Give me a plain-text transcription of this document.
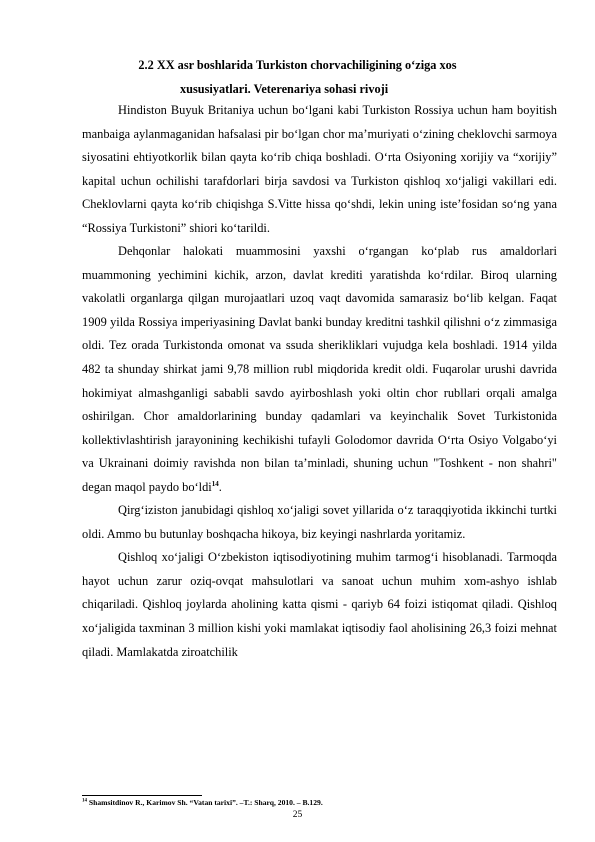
2.2 XX asr boshlarida Turkiston chorvachiligining o‘ziga xos
xususiyatlari. Veterenariya sohasi rivoji

Hindiston Buyuk Britaniya uchun bo‘lgani kabi Turkiston Rossiya uchun ham boyitish manbaiga aylanmaganidan hafsalasi pir bo‘lgan chor ma’muriyati o‘zining cheklovchi sarmoya siyosatini ehtiyotkorlik bilan qayta ko‘rib chiqa boshladi. O‘rta Osiyoning xorijiy va “xorijiy” kapital uchun ochilishi tarafdorlari birja savdosi va Turkiston qishloq xo‘jaligi vakillari edi. Cheklovlarni qayta ko‘rib chiqishga S.Vitte hissa qo‘shdi, lekin uning iste’fosidan so‘ng yana “Rossiya Turkistoni” shiori ko‘tarildi.

Dehqonlar halokati muammosini yaxshi o‘rgangan ko‘plab rus amaldorlari muammoning yechimini kichik, arzon, davlat krediti yaratishda ko‘rdilar. Biroq ularning vakolatli organlarga qilgan murojaatlari uzoq vaqt davomida samarasiz bo‘lib kelgan. Faqat 1909 yilda Rossiya imperiyasining Davlat banki bunday kreditni tashkil qilishni o‘z zimmasiga oldi. Tez orada Turkistonda omonat va ssuda sherikliklari vujudga kela boshladi. 1914 yilda 482 ta shunday shirkat jami 9,78 million rubl miqdorida kredit oldi. Fuqarolar urushi davrida hokimiyat almashganligi sababli savdo ayirboshlash yoki oltin chor rubllari orqali amalga oshirilgan. Chor amaldorlarining bunday qadamlari va keyinchalik Sovet Turkistonida kollektivlashtirish jarayonining kechikishi tufayli Golodomor davrida O‘rta Osiyo Volgabo‘yi va Ukrainani doimiy ravishda non bilan ta’minladi, shuning uchun "Toshkent - non shahri" degan maqol paydo bo‘ldi$^{14}$.

Qirg‘iziston janubidagi qishloq xo‘jaligi sovet yillarida o‘z taraqqiyotida ikkinchi turtki oldi. Ammo bu butunlay boshqacha hikoya, biz keyingi nashrlarda yoritamiz.

Qishloq xo‘jaligi O‘zbekiston iqtisodiyotining muhim tarmog‘i hisoblanadi. Tarmoqda hayot uchun zarur oziq-ovqat mahsulotlari va sanoat uchun muhim xom-ashyo ishlab chiqariladi. Qishloq joylarda aholining katta qismi - qariyb 64 foizi istiqomat qiladi. Qishloq xo‘jaligida taxminan 3 million kishi yoki mamlakat iqtisodiy faol aholisining 26,3 foizi mehnat qiladi. Mamlakatda ziroatchilik

$^{14}$ Shamsitdinov R., Karimov Sh. “Vatan tarixi”. –T.: Sharq, 2010. – B.129.
25
